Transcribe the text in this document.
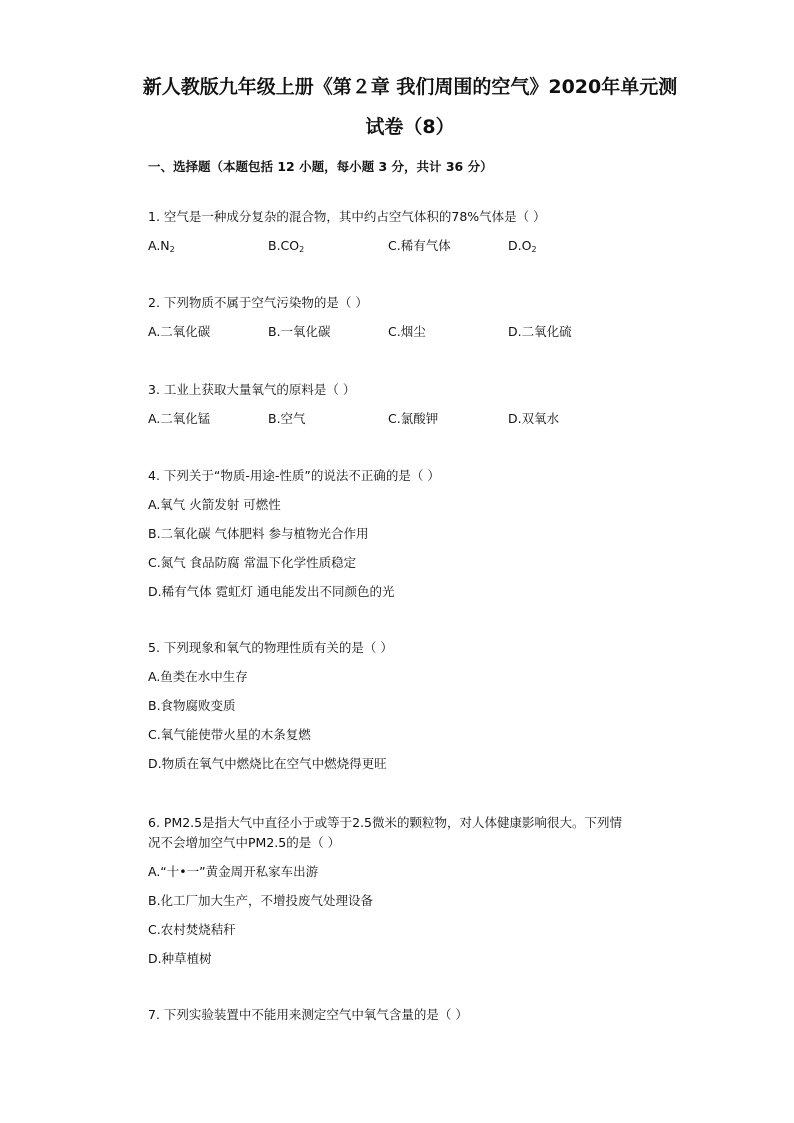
新人教版九年级上册《第２章 我们周围的空气》2020年单元测
试卷（8）
一、选择题（本题包括 12 小题，每小题 3 分，共计 36 分）
1. 空气是一种成分复杂的混合物，其中约占空气体积的78%气体是（ ）
$A.N_2$	$B.CO_2$	C.稀有气体	$D.O_2$
2. 下列物质不属于空气污染物的是（ ）
A.二氧化碳	B.一氧化碳	C.烟尘	D.二氧化硫
3. 工业上获取大量氧气的原料是（ ）
A.二氧化锰	B.空气	C.氯酸钾	D.双氧水
4. 下列关于“物质-用途-性质”的说法不正确的是（ ）
A.氧气 火箭发射 可燃性
B.二氧化碳 气体肥料 参与植物光合作用
C.氮气 食品防腐 常温下化学性质稳定
D.稀有气体 霓虹灯 通电能发出不同颜色的光
5. 下列现象和氧气的物理性质有关的是（ ）
A.鱼类在水中生存
B.食物腐败变质
C.氧气能使带火星的木条复燃
D.物质在氧气中燃烧比在空气中燃烧得更旺
6. PM2.5是指大气中直径小于或等于2.5微米的颗粒物，对人体健康影响很大。下列情
况不会增加空气中PM2.5的是（ ）
A.“十•一”黄金周开私家车出游
B.化工厂加大生产，不增投废气处理设备
C.农村焚烧秸秆
D.种草植树
7. 下列实验装置中不能用来测定空气中氧气含量的是（ ）
